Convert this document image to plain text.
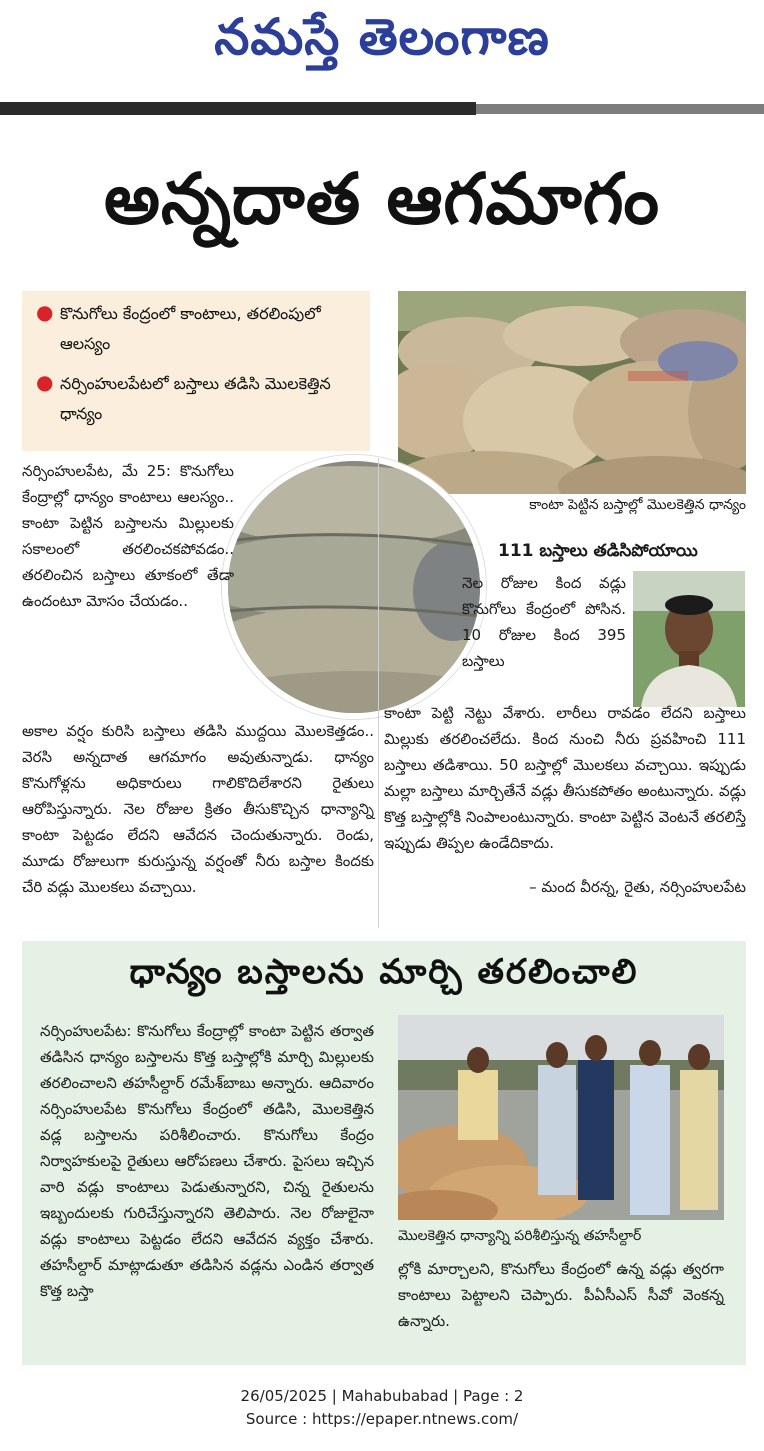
నమస్తే తెలంగాణ
అన్నదాత ఆగమాగం
● కొనుగోలు కేంద్రంలో కాంటాలు, తరలింపులో ఆలస్యం
● నర్సింహులపేటలో బస్తాలు తడిసి మొలకెత్తిన ధాన్యం
కాంటా పెట్టిన బస్తాల్లో మొలకెత్తిన ధాన్యం
111 బస్తాలు తడిసిపోయాయి
నర్సింహులపేట, మే 25: కొనుగోలు కేంద్రాల్లో ధాన్యం కాంటాలు ఆలస్యం.. కాంటా పెట్టిన బస్తాలను మిల్లులకు సకాలంలో తరలించకపోవడం.. తరలించిన బస్తాలు తూకంలో తేడా ఉందంటూ మోసం చేయడం..
అకాల వర్షం కురిసి బస్తాలు తడిసి ముద్దయి మొలకెత్తడం.. వెరసి అన్నదాత ఆగమాగం అవుతున్నాడు. ధాన్యం కొనుగోళ్లను అధికారులు గాలికొదిలేశారని రైతులు ఆరోపిస్తున్నారు. నెల రోజుల క్రితం తీసుకొచ్చిన ధాన్యాన్ని కాంటా పెట్టడం లేదని ఆవేదన చెందుతున్నారు. రెండు, మూడు రోజులుగా కురుస్తున్న వర్షంతో నీరు బస్తాల కిందకు చేరి వడ్లు మొలకలు వచ్చాయి.
నెల రోజుల కింద వడ్లు కొనుగోలు కేంద్రంలో పోసిన. 10 రోజుల కింద 395 బస్తాలు
కాంటా పెట్టి నెట్టు వేశారు. లారీలు రావడం లేదని బస్తాలు మిల్లుకు తరలించలేదు. కింద నుంచి నీరు ప్రవహించి 111 బస్తాలు తడిశాయి. 50 బస్తాల్లో మొలకలు వచ్చాయి. ఇప్పుడు మల్లా బస్తాలు మార్చితేనే వడ్లు తీసుకపోతం అంటున్నారు. వడ్లు కొత్త బస్తాల్లోకి నింపాలంటున్నారు. కాంటా పెట్టిన వెంటనే తరలిస్తే ఇప్పుడు తిప్పల ఉండేదికాదు.
– మంద వీరన్న, రైతు, నర్సింహులపేట
ధాన్యం బస్తాలను మార్చి తరలించాలి
నర్సింహులపేట: కొనుగోలు కేంద్రాల్లో కాంటా పెట్టిన తర్వాత తడిసిన ధాన్యం బస్తాలను కొత్త బస్తాల్లోకి మార్చి మిల్లులకు తరలించాలని తహసీల్దార్ రమేశ్‌బాబు అన్నారు. ఆదివారం నర్సింహులపేట కొనుగోలు కేంద్రంలో తడిసి, మొలకెత్తిన వడ్ల బస్తాలను పరిశీలించారు. కొనుగోలు కేంద్రం నిర్వాహకులపై రైతులు ఆరోపణలు చేశారు. పైసలు ఇచ్చిన వారి వడ్లు కాంటాలు పెడుతున్నారని, చిన్న రైతులను ఇబ్బందులకు గురిచేస్తున్నారని తెలిపారు. నెల రోజులైనా వడ్లు కాంటాలు పెట్టడం లేదని ఆవేదన వ్యక్తం చేశారు. తహసీల్దార్ మాట్లాడుతూ తడిసిన వడ్లను ఎండిన తర్వాత కొత్త బస్తా
మొలకెత్తిన ధాన్యాన్ని పరిశీలిస్తున్న తహసీల్దార్
ల్లోకి మార్చాలని, కొనుగోలు కేంద్రంలో ఉన్న వడ్లు త్వరగా కాంటాలు పెట్టాలని చెప్పారు. పీఏసీఎస్ సీవో వెంకన్న ఉన్నారు.
26/05/2025 | Mahabubabad | Page : 2
Source : https://epaper.ntnews.com/
